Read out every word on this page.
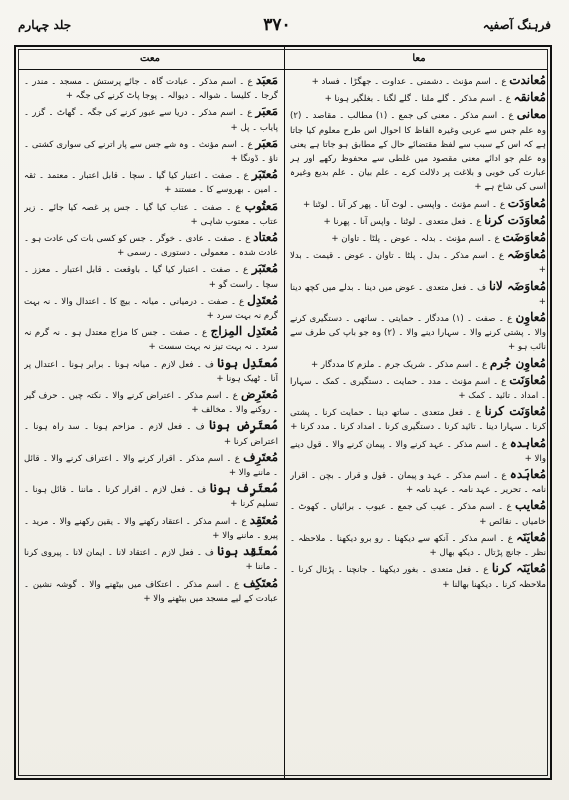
جلد چہارم	۳۷۰	فرہنگ آصفیہ
معت	معا
مُعاندت ع ۔ اسم مؤنث ۔ دشمنی ۔ عداوت ۔ جھگڑا ۔ فساد +
مُعانقہ ع ۔ اسم مذکر ۔ گلے ملنا ۔ گلے لگنا ۔ بغلگیر ہونا +
معانی ع ۔ اسم مذکر ۔ معنی کی جمع ۔ (۱) مطالب ۔ مقاصد ۔ (۲) وہ علم جس سے عربی وغیرہ الفاظ کا احوال اس طرح معلوم کیا جاتا ہے کہ اس کے سبب سے لفظ مقتضائے حال کے مطابق ہو جاتا ہے یعنی وہ علم جو ادائے معنی مقصود میں غلطی سے محفوظ رکھے اور ہر عبارت کی خوبی و بلاغت پر دلالت کرے ۔ علم بیان ۔ علم بدیع وغیرہ اسی کی شاخ ہے +
مُعاوَدَت ع ۔ اسم مؤنث ۔ واپسی ۔ لوٹ آنا ۔ پھر کر آنا ۔ لوٹنا +
مُعاوَدَت کرنا ع ۔ فعل متعدی ۔ لوٹنا ۔ واپس آنا ۔ پھرنا +
مُعاوَضَت ع ۔ اسم مؤنث ۔ بدلہ ۔ عوض ۔ پلٹا ۔ تاوان +
مُعاوَضَہ ع ۔ اسم مذکر ۔ بدل ۔ پلٹا ۔ تاوان ۔ عوض ۔ قیمت ۔ بدلا +
مُعاوَضَہ لانا ف ۔ فعل متعدی ۔ عوض میں دینا ۔ بدلے میں کچھ دینا +
مُعاوِن ع ۔ صفت ۔ (۱) مددگار ۔ حمایتی ۔ ساتھی ۔ دستگیری کرنے والا ۔ پشتی کرنے والا ۔ سہارا دینے والا ۔ (۲) وہ جو باپ کی طرف سے نائب ہو +
مُعاوِن جُرم ع ۔ اسم مذکر ۔ شریک جرم ۔ ملزم کا مددگار +
مُعاوَنَت ع ۔ اسم مؤنث ۔ مدد ۔ حمایت ۔ دستگیری ۔ کمک ۔ سہارا ۔ امداد ۔ تائید ۔ کمک +
مُعاوَنَت کرنا ع ۔ فعل متعدی ۔ ساتھ دینا ۔ حمایت کرنا ۔ پشتی کرنا ۔ سہارا دینا ۔ تائید کرنا ۔ دستگیری کرنا ۔ امداد کرنا ۔ مدد کرنا +
مُعاہدہ ع ۔ اسم مذکر ۔ عہد کرنے والا ۔ پیمان کرنے والا ۔ قول دینے والا +
مُعاہَدہ ع ۔ اسم مذکر ۔ عہد و پیمان ۔ قول و قرار ۔ بچن ۔ اقرار نامہ ۔ تحریر ۔ عہد نامہ ۔ عہد نامہ +
مُعایب ع ۔ اسم مذکر ۔ عیب کی جمع ۔ عیوب ۔ برائیاں ۔ کھوٹ ۔ خامیاں ۔ نقائص +
مُعایَنَہ ع ۔ اسم مذکر ۔ آنکھ سے دیکھنا ۔ رو برو دیکھنا ۔ ملاحظہ ۔ نظر ۔ جانچ پڑتال ۔ دیکھ بھال +
مُعایَنَہ کرنا ع ۔ فعل متعدی ۔ بغور دیکھنا ۔ جانچنا ۔ پڑتال کرنا ۔ ملاحظہ کرنا ۔ دیکھنا بھالنا +
مَعبَد ع ۔ اسم مذکر ۔ عبادت گاہ ۔ جائے پرستش ۔ مسجد ۔ مندر ۔ گرجا ۔ کلیسا ۔ شوالہ ۔ دیوالہ ۔ پوجا پاٹ کرنے کی جگہ +
مَعبَر ع ۔ اسم مذکر ۔ دریا سے عبور کرنے کی جگہ ۔ گھاٹ ۔ گزر ۔ پایاب ۔ پل +
مَعبَر ع ۔ اسم مؤنث ۔ وہ شے جس سے پار اترنے کی سواری کشتی ۔ ناؤ ۔ ڈونگا +
مُعتَبَر ع ۔ صفت ۔ اعتبار کیا گیا ۔ سچا ۔ قابل اعتبار ۔ معتمد ۔ ثقہ ۔ امین ۔ بھروسے کا ۔ مستند +
مَعتُوب ع ۔ صفت ۔ عتاب کیا گیا ۔ جس پر غصہ کیا جائے ۔ زیر عتاب ۔ معتوب شاہی +
مُعتاد ع ۔ صفت ۔ عادی ۔ خوگر ۔ جس کو کسی بات کی عادت ہو ۔ عادت شدہ ۔ معمولی ۔ دستوری ۔ رسمی +
مُعتَبَر ع ۔ صفت ۔ اعتبار کیا گیا ۔ باوقعت ۔ قابل اعتبار ۔ معزز ۔ سچا ۔ راست گو +
مُعتَدِل ع ۔ صفت ۔ درمیانی ۔ میانہ ۔ بیچ کا ۔ اعتدال والا ۔ نہ بہت گرم نہ بہت سرد +
مُعتَدِل المِزاج ع ۔ صفت ۔ جس کا مزاج معتدل ہو ۔ نہ گرم نہ سرد ۔ نہ بہت تیز نہ بہت سست +
مُعتَدِل ہونا ف ۔ فعل لازم ۔ میانہ ہونا ۔ برابر ہونا ۔ اعتدال پر آنا ۔ ٹھیک ہونا +
مُعتَرِض ع ۔ اسم مذکر ۔ اعتراض کرنے والا ۔ نکتہ چیں ۔ حرف گیر ۔ روکنے والا ۔ مخالف +
مُعتَرِض ہونا ف ۔ فعل لازم ۔ مزاحم ہونا ۔ سد راہ ہونا ۔ اعتراض کرنا +
مُعتَرِف ع ۔ اسم مذکر ۔ اقرار کرنے والا ۔ اعتراف کرنے والا ۔ قائل ۔ ماننے والا +
مُعتَرِف ہونا ف ۔ فعل لازم ۔ اقرار کرنا ۔ ماننا ۔ قائل ہونا ۔ تسلیم کرنا +
مُعتَقِد ع ۔ اسم مذکر ۔ اعتقاد رکھنے والا ۔ یقین رکھنے والا ۔ مرید ۔ پیرو ۔ ماننے والا +
مُعتَقِد ہونا ف ۔ فعل لازم ۔ اعتقاد لانا ۔ ایمان لانا ۔ پیروی کرنا ۔ ماننا +
مُعتَکِف ع ۔ اسم مذکر ۔ اعتکاف میں بیٹھنے والا ۔ گوشہ نشین ۔ عبادت کے لیے مسجد میں بیٹھنے والا +
